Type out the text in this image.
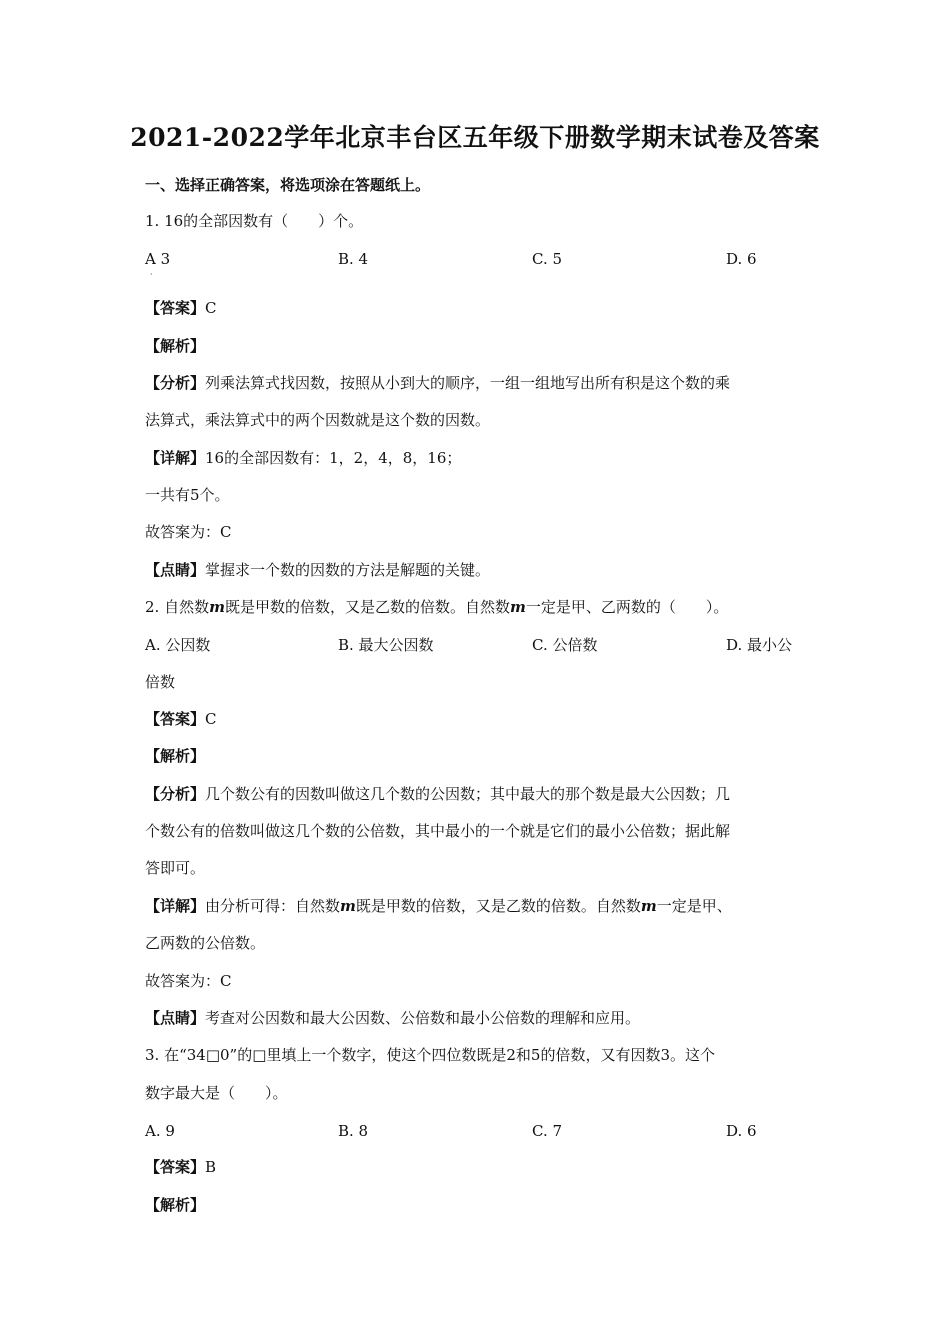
2021-2022学年北京丰台区五年级下册数学期末试卷及答案

一、选择正确答案，将选项涂在答题纸上。

1. 16的全部因数有（　　）个。

A 3	B. 4	C. 5	D. 6
·

【答案】C

【解析】

【分析】列乘法算式找因数，按照从小到大的顺序，一组一组地写出所有积是这个数的乘

法算式，乘法算式中的两个因数就是这个数的因数。

【详解】16的全部因数有：1，2，4，8，16；

一共有5个。

故答案为：C

【点睛】掌握求一个数的因数的方法是解题的关键。

2. 自然数m既是甲数的倍数，又是乙数的倍数。自然数m一定是甲、乙两数的（　　）。

A. 公因数	B. 最大公因数	C. 公倍数	D. 最小公

倍数

【答案】C

【解析】

【分析】几个数公有的因数叫做这几个数的公因数；其中最大的那个数是最大公因数；几

个数公有的倍数叫做这几个数的公倍数，其中最小的一个就是它们的最小公倍数；据此解

答即可。

【详解】由分析可得：自然数m既是甲数的倍数，又是乙数的倍数。自然数m一定是甲、

乙两数的公倍数。

故答案为：C

【点睛】考查对公因数和最大公因数、公倍数和最小公倍数的理解和应用。

3. 在“34□0”的□里填上一个数字，使这个四位数既是2和5的倍数，又有因数3。这个

数字最大是（　　）。

A. 9	B. 8	C. 7	D. 6

【答案】B

【解析】
